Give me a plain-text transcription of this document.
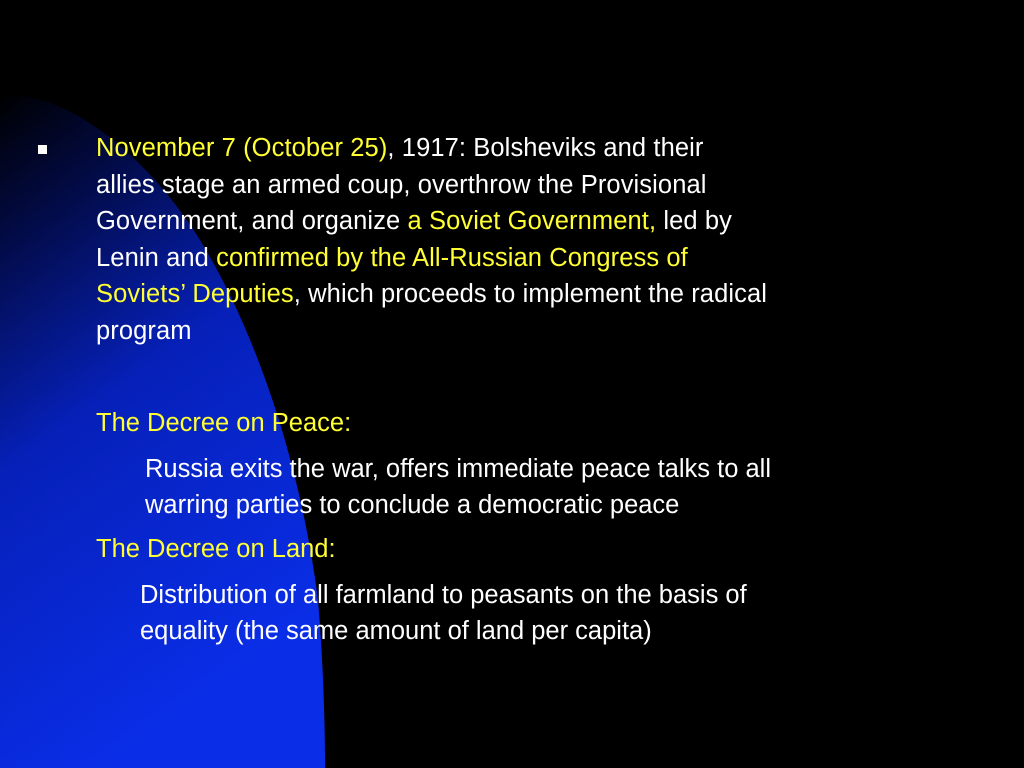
November 7 (October 25), 1917: Bolsheviks and their
allies stage an armed coup, overthrow the Provisional
Government, and organize a Soviet Government, led by
Lenin and confirmed by the All-Russian Congress of
Soviets’ Deputies, which proceeds to implement the radical
program
The Decree on Peace:
Russia exits the war, offers immediate peace talks to all
warring parties to conclude a democratic peace
The Decree on Land:
Distribution of all farmland to peasants on the basis of
equality (the same amount of land per capita)
